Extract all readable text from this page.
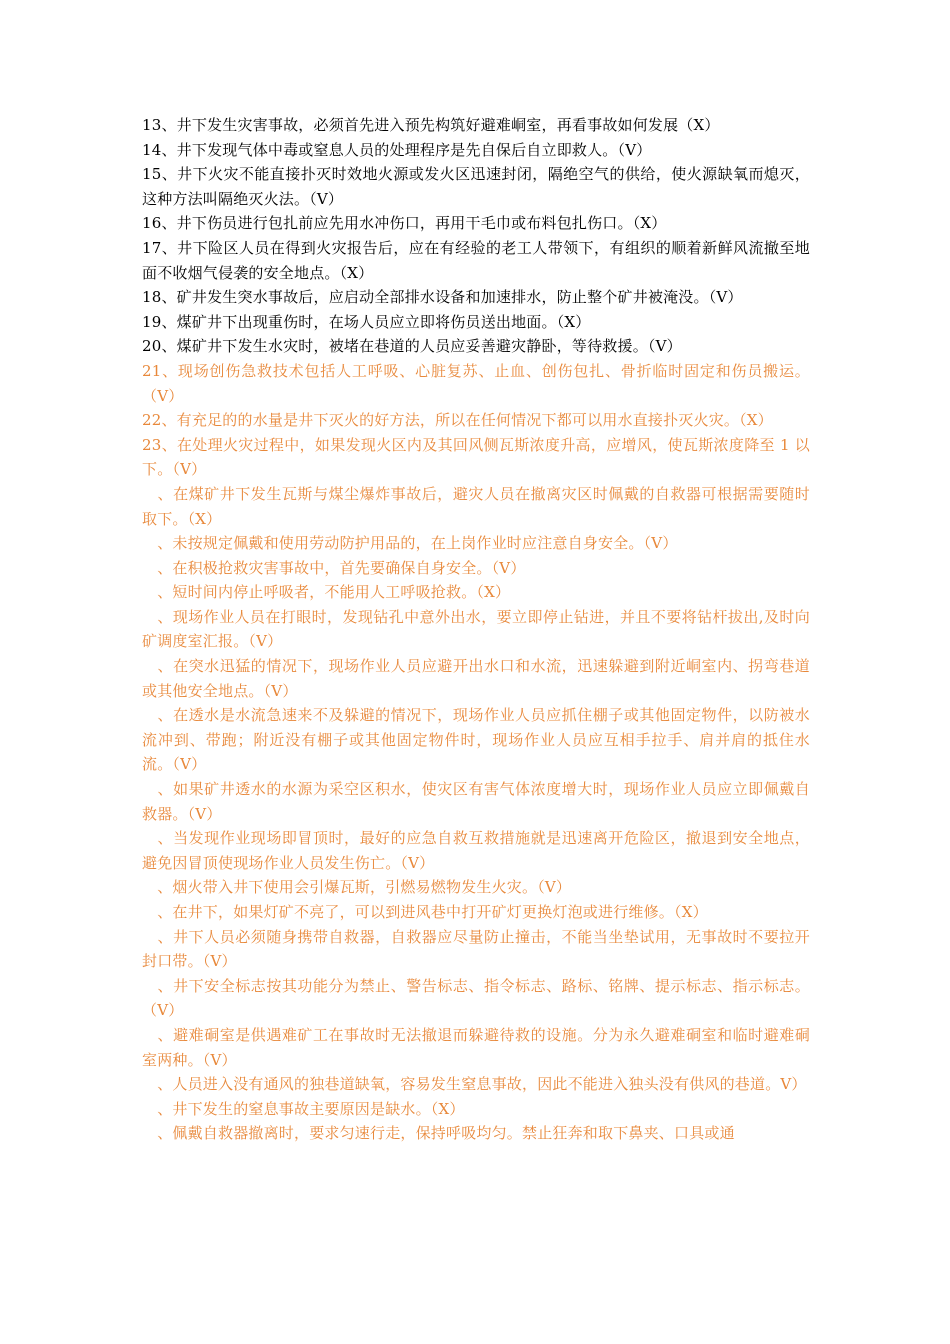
13、井下发生灾害事故，必须首先进入预先构筑好避难峒室，再看事故如何发展（X）

14、井下发现气体中毒或窒息人员的处理程序是先自保后自立即救人。（V）

15、井下火灾不能直接扑灭时效地火源或发火区迅速封闭，隔绝空气的供给，使火源缺氧而熄灭，这种方法叫隔绝灭火法。（V）

16、井下伤员进行包扎前应先用水冲伤口，再用干毛巾或布料包扎伤口。（X）

17、井下险区人员在得到火灾报告后，应在有经验的老工人带领下，有组织的顺着新鲜风流撤至地面不收烟气侵袭的安全地点。（X）

18、矿井发生突水事故后，应启动全部排水设备和加速排水，防止整个矿井被淹没。（V）

19、煤矿井下出现重伤时，在场人员应立即将伤员送出地面。（X）

20、煤矿井下发生水灾时，被堵在巷道的人员应妥善避灾静卧，等待救援。（V）

21、现场创伤急救技术包括人工呼吸、心脏复苏、止血、创伤包扎、骨折临时固定和伤员搬运。（V）

22、有充足的的水量是井下灭火的好方法，所以在任何情况下都可以用水直接扑灭火灾。（X）

23、在处理火灾过程中，如果发现火区内及其回风侧瓦斯浓度升高，应增风，使瓦斯浓度降至 1 以下。（V）

　、在煤矿井下发生瓦斯与煤尘爆炸事故后，避灾人员在撤离灾区时佩戴的自救器可根据需要随时取下。（X）

　、未按规定佩戴和使用劳动防护用品的，在上岗作业时应注意自身安全。（V）

　、在积极抢救灾害事故中，首先要确保自身安全。（V）

　、短时间内停止呼吸者，不能用人工呼吸抢救。（X）

　、现场作业人员在打眼时，发现钻孔中意外出水，要立即停止钻进，并且不要将钻杆拔出,及时向矿调度室汇报。（V）

　、在突水迅猛的情况下，现场作业人员应避开出水口和水流，迅速躲避到附近峒室内、拐弯巷道或其他安全地点。（V）

　、在透水是水流急速来不及躲避的情况下，现场作业人员应抓住棚子或其他固定物件，以防被水流冲到、带跑；附近没有棚子或其他固定物件时，现场作业人员应互相手拉手、肩并肩的抵住水流。（V）

　、如果矿井透水的水源为采空区积水，使灾区有害气体浓度增大时，现场作业人员应立即佩戴自救器。（V）

　、当发现作业现场即冒顶时，最好的应急自救互救措施就是迅速离开危险区，撤退到安全地点，避免因冒顶使现场作业人员发生伤亡。（V）

　、烟火带入井下使用会引爆瓦斯，引燃易燃物发生火灾。（V）

　、在井下，如果灯矿不亮了，可以到进风巷中打开矿灯更换灯泡或进行维修。（X）

　、井下人员必须随身携带自救器，自救器应尽量防止撞击，不能当坐垫试用，无事故时不要拉开封口带。（V）

　、井下安全标志按其功能分为禁止、警告标志、指令标志、路标、铭牌、提示标志、指示标志。（V）

　、避难硐室是供遇难矿工在事故时无法撤退而躲避待救的设施。分为永久避难硐室和临时避难硐室两种。（V）

　、人员进入没有通风的独巷道缺氧，容易发生窒息事故，因此不能进入独头没有供风的巷道。V）

　、井下发生的窒息事故主要原因是缺水。（X）

　、佩戴自救器撤离时，要求匀速行走，保持呼吸均匀。禁止狂奔和取下鼻夹、口具或通
